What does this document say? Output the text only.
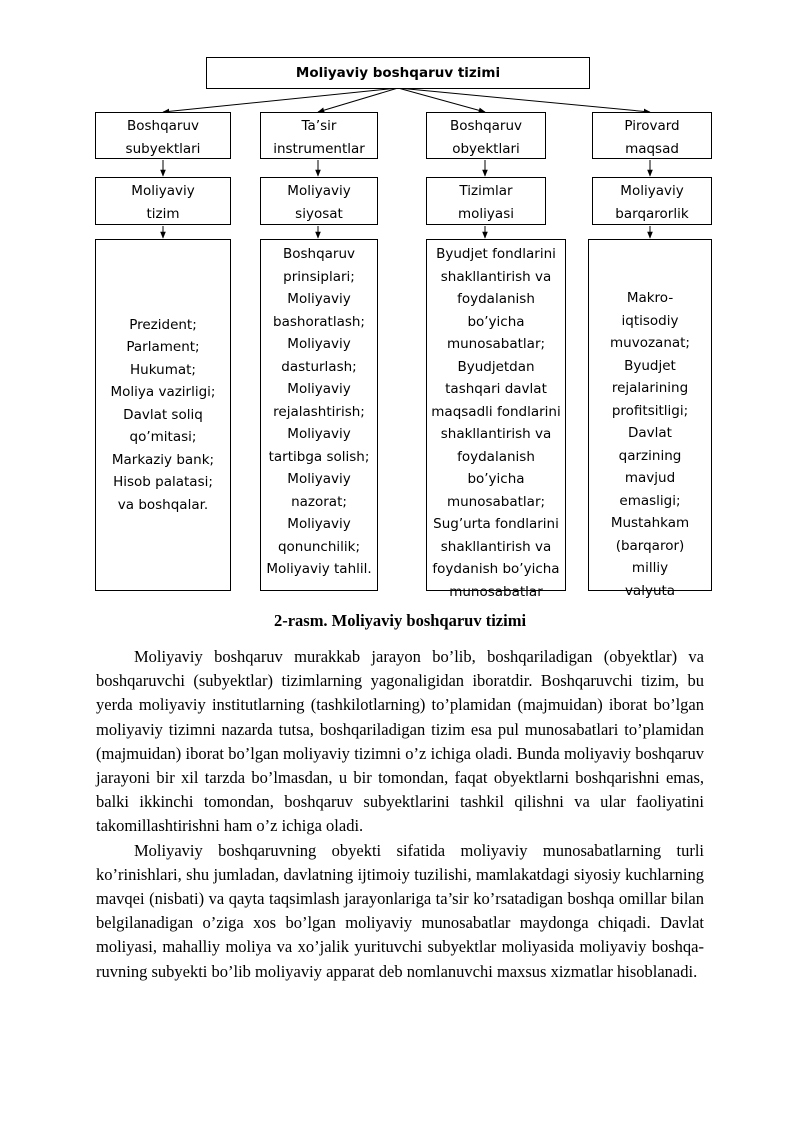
Moliyaviy boshqaruv tizimi
Boshqaruv
subyektlari
Moliyaviy
tizim
Prezident;
Parlament;
Hukumat;
Moliya vazirligi;
Davlat soliq
qo’mitasi;
Markaziy bank;
Hisob palatasi;
va boshqalar.
Ta’sir
instrumentlar
Moliyaviy
siyosat
Boshqaruv
prinsiplari;
Moliyaviy
bashoratlash;
Moliyaviy
dasturlash;
Moliyaviy
rejalashtirish;
Moliyaviy
tartibga solish;
Moliyaviy
nazorat;
Moliyaviy
qonunchilik;
Moliyaviy tahlil.
Boshqaruv
obyektlari
Tizimlar
moliyasi
Byudjet fondlarini
shakllantirish va
foydalanish
bo’yicha
munosabatlar;
Byudjetdan
tashqari davlat
maqsadli fondlarini
shakllantirish va
foydalanish
bo’yicha
munosabatlar;
Sug’urta fondlarini
shakllantirish va
foydanish bo’yicha
munosabatlar
Pirovard
maqsad
Moliyaviy
barqarorlik
Makro-
iqtisodiy
muvozanat;
Byudjet
rejalarining
profitsitligi;
Davlat
qarzining
mavjud
emasligi;
Mustahkam
(barqaror)
milliy
valyuta
2-rasm. Moliyaviy boshqaruv tizimi

Moliyaviy boshqaruv murakkab jarayon bo’lib, boshqariladigan (obyektlar) va boshqaruvchi (subyektlar) tizimlarning yagonaligidan iboratdir. Boshqaruvchi tizim, bu yerda moliyaviy institutlarning (tashkilotlarning) to’plamidan (majmuidan) iborat bo’lgan moliyaviy tizimni nazarda tutsa, boshqariladigan tizim esa pul munosabatlari to’plamidan (majmuidan) iborat bo’lgan moliyaviy tizimni o’z ichiga oladi. Bunda moliyaviy boshqaruv jarayoni bir xil tarzda bo’lmasdan, u bir tomondan, faqat obyektlarni boshqarishni emas, balki ikkinchi tomondan, boshqaruv subyektlarini tashkil qilishni va ular faoliyatini takomillashtirishni ham o’z ichiga oladi.

Moliyaviy boshqaruvning obyekti sifatida moliyaviy munosabatlarning turli ko’rinishlari, shu jumladan, davlatning ijtimoiy tuzilishi, mamlakatdagi siyosiy kuchlarning mavqei (nisbati) va qayta taqsimlash jarayonlariga ta’sir ko’rsatadigan boshqa omillar bilan belgilanadigan o’ziga xos bo’lgan moliyaviy munosabatlar maydonga chiqadi. Davlat moliyasi, mahalliy moliya va xo’jalik yurituvchi subyektlar moliyasida moliyaviy boshqa-ruvning subyekti bo’lib moliyaviy apparat deb nomlanuvchi maxsus xizmatlar hisoblanadi.
